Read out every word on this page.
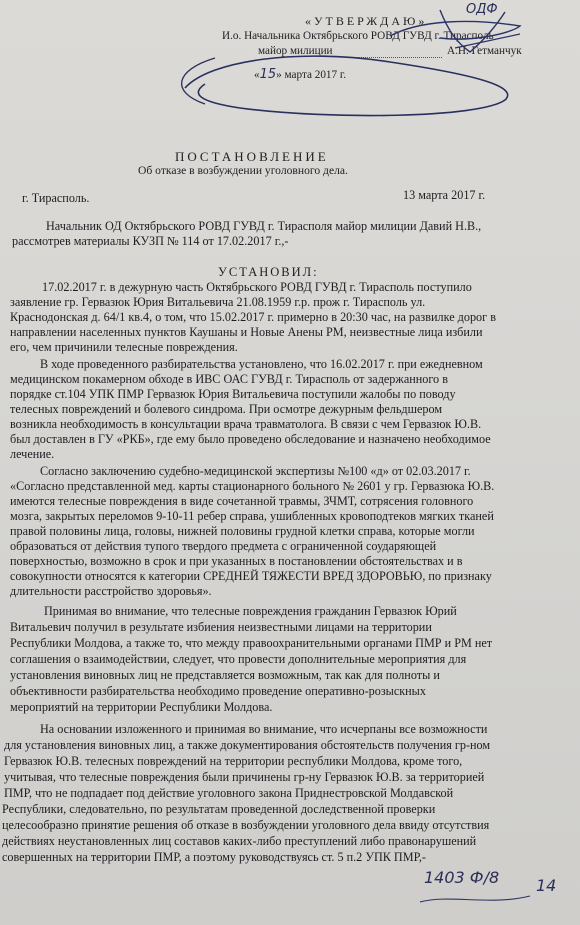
«УТВЕРЖДАЮ»
И.о. Начальника Октябрьского РОВД ГУВД г. Тирасполь
майор милиции	А.Н. Гетманчук
«15» марта 2017 г.
ОДФ
ПОСТАНОВЛЕНИЕ
Об отказе в возбуждении уголовного дела.
г. Тирасполь.	13 марта 2017 г.
Начальник ОД Октябрьского РОВД ГУВД г. Тирасполя майор милиции Давий Н.В.,
рассмотрев материалы КУЗП № 114 от 17.02.2017 г.,-
УСТАНОВИЛ:
17.02.2017 г. в дежурную часть Октябрьского РОВД ГУВД г. Тирасполь поступило
заявление гр. Гервазюк Юрия Витальевича 21.08.1959 г.р. прож г. Тирасполь ул.
Краснодонская д. 64/1 кв.4, о том, что 15.02.2017 г. примерно в 20:30 час, на развилке дорог в
направлении населенных пунктов Каушаны и Новые Анены РМ, неизвестные лица избили
его, чем причинили телесные повреждения.
В ходе проведенного разбирательства установлено, что 16.02.2017 г. при ежедневном
медицинском покамерном обходе в ИВС ОАС ГУВД г. Тирасполь от задержанного в
порядке ст.104 УПК ПМР Гервазюк Юрия Витальевича поступили жалобы по поводу
телесных повреждений и болевого синдрома. При осмотре дежурным фельдшером
возникла необходимость в консультации врача травматолога. В связи с чем Гервазюк Ю.В.
был доставлен в ГУ «РКБ», где ему было проведено обследование и назначено необходимое
лечение.
Согласно заключению судебно-медицинской экспертизы №100 «д» от 02.03.2017 г.
«Согласно представленной мед. карты стационарного больного № 2601 у гр. Гервазюка Ю.В.
имеются телесные повреждения в виде сочетанной травмы, ЗЧМТ, сотрясения головного
мозга, закрытых переломов 9-10-11 ребер справа, ушибленных кровоподтеков мягких тканей
правой половины лица, головы, нижней половины грудной клетки справа, которые могли
образоваться от действия тупого твердого предмета с ограниченной соударяющей
поверхностью, возможно в срок и при указанных в постановлении обстоятельствах и в
совокупности относятся к категории СРЕДНЕЙ ТЯЖЕСТИ ВРЕД ЗДОРОВЬЮ, по признаку
длительности расстройство здоровья».
Принимая во внимание, что телесные повреждения гражданин Гервазюк Юрий
Витальевич получил в результате избиения неизвестными лицами на территории
Республики Молдова, а также то, что между правоохранительными органами ПМР и РМ нет
соглашения о взаимодействии, следует, что провести дополнительные мероприятия для
установления виновных лиц не представляется возможным, так как для полноты и
объективности разбирательства необходимо проведение оперативно-розыскных
мероприятий на территории Республики Молдова.
На основании изложенного и принимая во внимание, что исчерпаны все возможности
для установления виновных лиц, а также документирования обстоятельств получения гр-ном
Гервазюк Ю.В. телесных повреждений на территории республики Молдова, кроме того,
учитывая, что телесные повреждения были причинены гр-ну Гервазюк Ю.В. за территорией
ПМР, что не подпадает под действие уголовного закона Приднестровской Молдавской
Республики, следовательно, по результатам проведенной доследственной проверки
целесообразно принятие решения об отказе в возбуждении уголовного дела ввиду отсутствия
действиях неустановленных лиц составов каких-либо преступлений либо правонарушений
совершенных на территории ПМР, а поэтому руководствуясь ст. 5 п.2 УПК ПМР,-
1403 Ф/8 14
